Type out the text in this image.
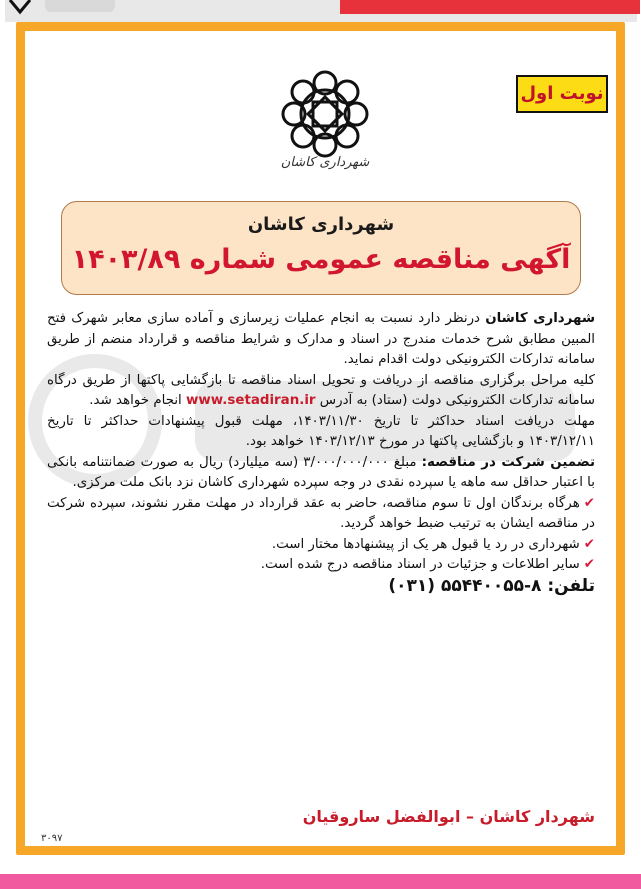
نوبت اول
شهرداری کاشان
شهرداری کاشان
آگهی مناقصه عمومی شماره ۱۴۰۳/۸۹

شهرداری کاشان درنظر دارد نسبت به انجام عملیات زیرسازی و آماده سازی معابر شهرک فتح المبین مطابق شرح خدمات مندرج در اسناد و مدارک و شرایط مناقصه و قرارداد منضم از طریق سامانه تدارکات الکترونیکی دولت اقدام نماید.

کلیه مراحل برگزاری مناقصه از دریافت و تحویل اسناد مناقصه تا بازگشایی پاکتها از طریق درگاه سامانه تدارکات الکترونیکی دولت (ستاد) به آدرس www.setadiran.ir انجام خواهد شد.

مهلت دریافت اسناد حداکثر تا تاریخ ۱۴۰۳/۱۱/۳۰، مهلت قبول پیشنهادات حداکثر تا تاریخ ۱۴۰۳/۱۲/۱۱ و بازگشایی پاکتها در مورخ ۱۴۰۳/۱۲/۱۳ خواهد بود.

تضمین شرکت در مناقصه: مبلغ ۳/۰۰۰/۰۰۰/۰۰۰ (سه میلیارد) ریال به صورت ضمانتنامه بانکی با اعتبار حداقل سه ماهه یا سپرده نقدی در وجه سپرده شهرداری کاشان نزد بانک ملت مرکزی.

✔هرگاه برندگان اول تا سوم مناقصه، حاضر به عقد قرارداد در مهلت مقرر نشوند، سپرده شرکت در مناقصه ایشان به ترتیب ضبط خواهد گردید.

✔شهرداری در رد یا قبول هر یک از پیشنهادها مختار است.

✔سایر اطلاعات و جزئیات در اسناد مناقصه درج شده است.

تلفن: ۸-۵۵۴۴۰۰۵۵ (۰۳۱)

شهردار کاشان – ابوالفضل ساروقیان
۳۰۹۷
